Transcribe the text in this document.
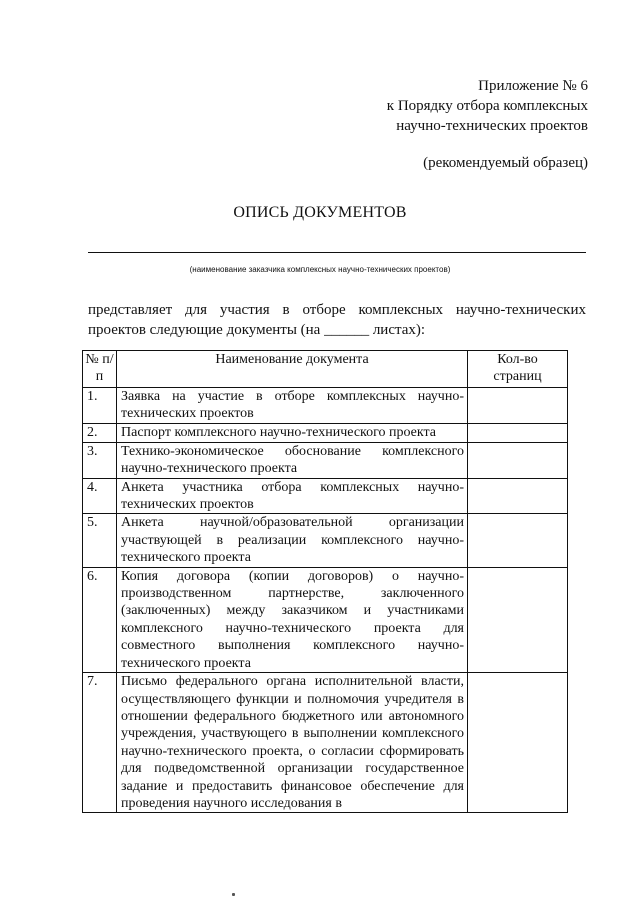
Приложение № 6
к Порядку отбора комплексных
научно-технических проектов
(рекомендуемый образец)
ОПИСЬ ДОКУМЕНТОВ
(наименование заказчика комплексных научно-технических проектов)
представляет для участия в отборе комплексных научно-технических
проектов следующие документы (на ______ листах):
№ п/п	Наименование документа	Кол-во страниц
1.	Заявка на участие в отборе комплексных научно-технических проектов	
2.	Паспорт комплексного научно-технического проекта	
3.	Технико-экономическое обоснование комплексного научно-технического проекта	
4.	Анкета участника отбора комплексных научно-технических проектов	
5.	Анкета научной/образовательной организации участвующей в реализации комплексного научно-технического проекта	
6.	Копия договора (копии договоров) о научно-производственном партнерстве, заключенного (заключенных) между заказчиком и участниками комплексного научно-технического проекта для совместного выполнения комплексного научно-технического проекта	
7.	Письмо федерального органа исполнительной власти, осуществляющего функции и полномочия учредителя в отношении федерального бюджетного или автономного учреждения, участвующего в выполнении комплексного научно-технического проекта, о согласии сформировать для подведомственной организации государственное задание и предоставить финансовое обеспечение для проведения научного исследования в	
